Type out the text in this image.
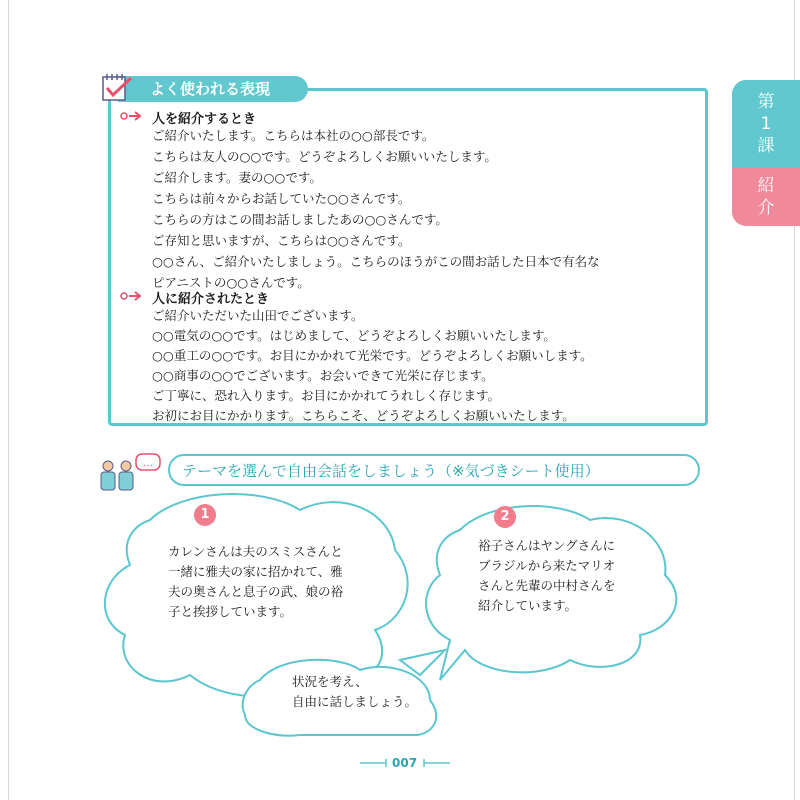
よく使われる表現
人を紹介するとき
ご紹介いたします。こちらは本社の○○部長です。
こちらは友人の○○です。どうぞよろしくお願いいたします。
ご紹介します。妻の○○です。
こちらは前々からお話していた○○さんです。
こちらの方はこの間お話しましたあの○○さんです。
ご存知と思いますが、こちらは○○さんです。
○○さん、ご紹介いたしましょう。こちらのほうがこの間お話した日本で有名な
ピアニストの○○さんです。
人に紹介されたとき
ご紹介いただいた山田でございます。
○○電気の○○です。はじめまして、どうぞよろしくお願いいたします。
○○重工の○○です。お目にかかれて光栄です。どうぞよろしくお願いします。
○○商事の○○でございます。お会いできて光栄に存じます。
ご丁寧に、恐れ入ります。お目にかかれてうれしく存じます。
お初にお目にかかります。こちらこそ、どうぞよろしくお願いいたします。
第
1
課
紹
介
… テーマを選んで自由会話をしましょう（※気づきシート使用）
1
カレンさんは夫のスミスさんと
一緒に雅夫の家に招かれて、雅
夫の奥さんと息子の武、娘の裕
子と挨拶しています。
2
裕子さんはヤングさんに
ブラジルから来たマリオ
さんと先輩の中村さんを
紹介しています。
状況を考え、
自由に話しましょう。
007
